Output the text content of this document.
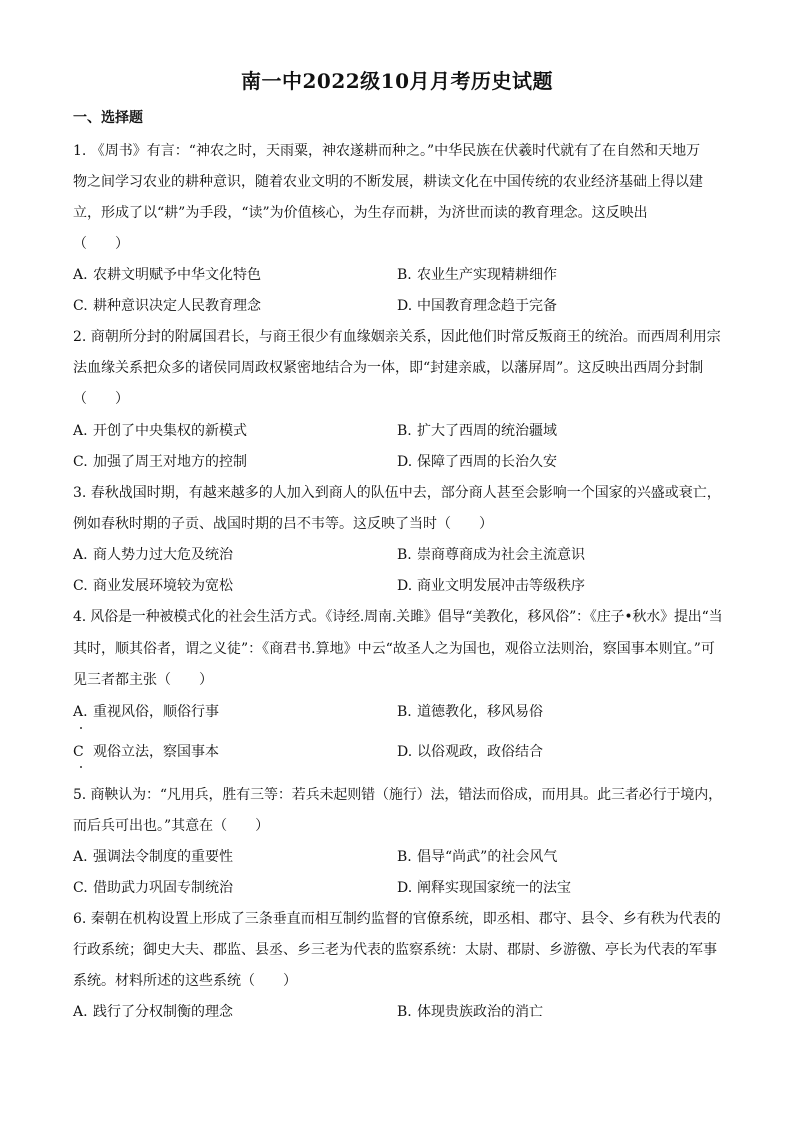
南一中2022级10月月考历史试题
一、选择题
1. 《周书》有言：“神农之时，天雨粟，神农遂耕而种之。”中华民族在伏羲时代就有了在自然和天地万
物之间学习农业的耕种意识，随着农业文明的不断发展，耕读文化在中国传统的农业经济基础上得以建
立，形成了以“耕”为手段，“读”为价值核心，为生存而耕，为济世而读的教育理念。这反映出
（　　）
A. 农耕文明赋予中华文化特色	B. 农业生产实现精耕细作
C. 耕种意识决定人民教育理念	D. 中国教育理念趋于完备
2. 商朝所分封的附属国君长，与商王很少有血缘姻亲关系，因此他们时常反叛商王的统治。而西周利用宗
法血缘关系把众多的诸侯同周政权紧密地结合为一体，即“封建亲戚，以藩屏周”。这反映出西周分封制
（　　）
A. 开创了中央集权的新模式	B. 扩大了西周的统治疆域
C. 加强了周王对地方的控制	D. 保障了西周的长治久安
3. 春秋战国时期，有越来越多的人加入到商人的队伍中去，部分商人甚至会影响一个国家的兴盛或衰亡，
例如春秋时期的子贡、战国时期的吕不韦等。这反映了当时（　　）
A. 商人势力过大危及统治	B. 崇商尊商成为社会主流意识
C. 商业发展环境较为宽松	D. 商业文明发展冲击等级秩序
4. 风俗是一种被模式化的社会生活方式。《诗经.周南.关雎》倡导“美教化，移风俗”：《庄子•秋水》提出“当
其时，顺其俗者，谓之义徒”：《商君书.算地》中云“故圣人之为国也，观俗立法则治，察国事本则宜。”可
见三者都主张（　　）
A. 重视风俗，顺俗行事	B. 道德教化，移风易俗
C 观俗立法，察国事本	D. 以俗观政，政俗结合
5. 商鞅认为：“凡用兵，胜有三等：若兵未起则错（施行）法，错法而俗成，而用具。此三者必行于境内，
而后兵可出也。”其意在（　　）
A. 强调法令制度的重要性	B. 倡导“尚武”的社会风气
C. 借助武力巩固专制统治	D. 阐释实现国家统一的法宝
6. 秦朝在机构设置上形成了三条垂直而相互制约监督的官僚系统，即丞相、郡守、县令、乡有秩为代表的
行政系统；御史大夫、郡监、县丞、乡三老为代表的监察系统：太尉、郡尉、乡游徼、亭长为代表的军事
系统。材料所述的这些系统（　　）
A. 践行了分权制衡的理念	B. 体现贵族政治的消亡
